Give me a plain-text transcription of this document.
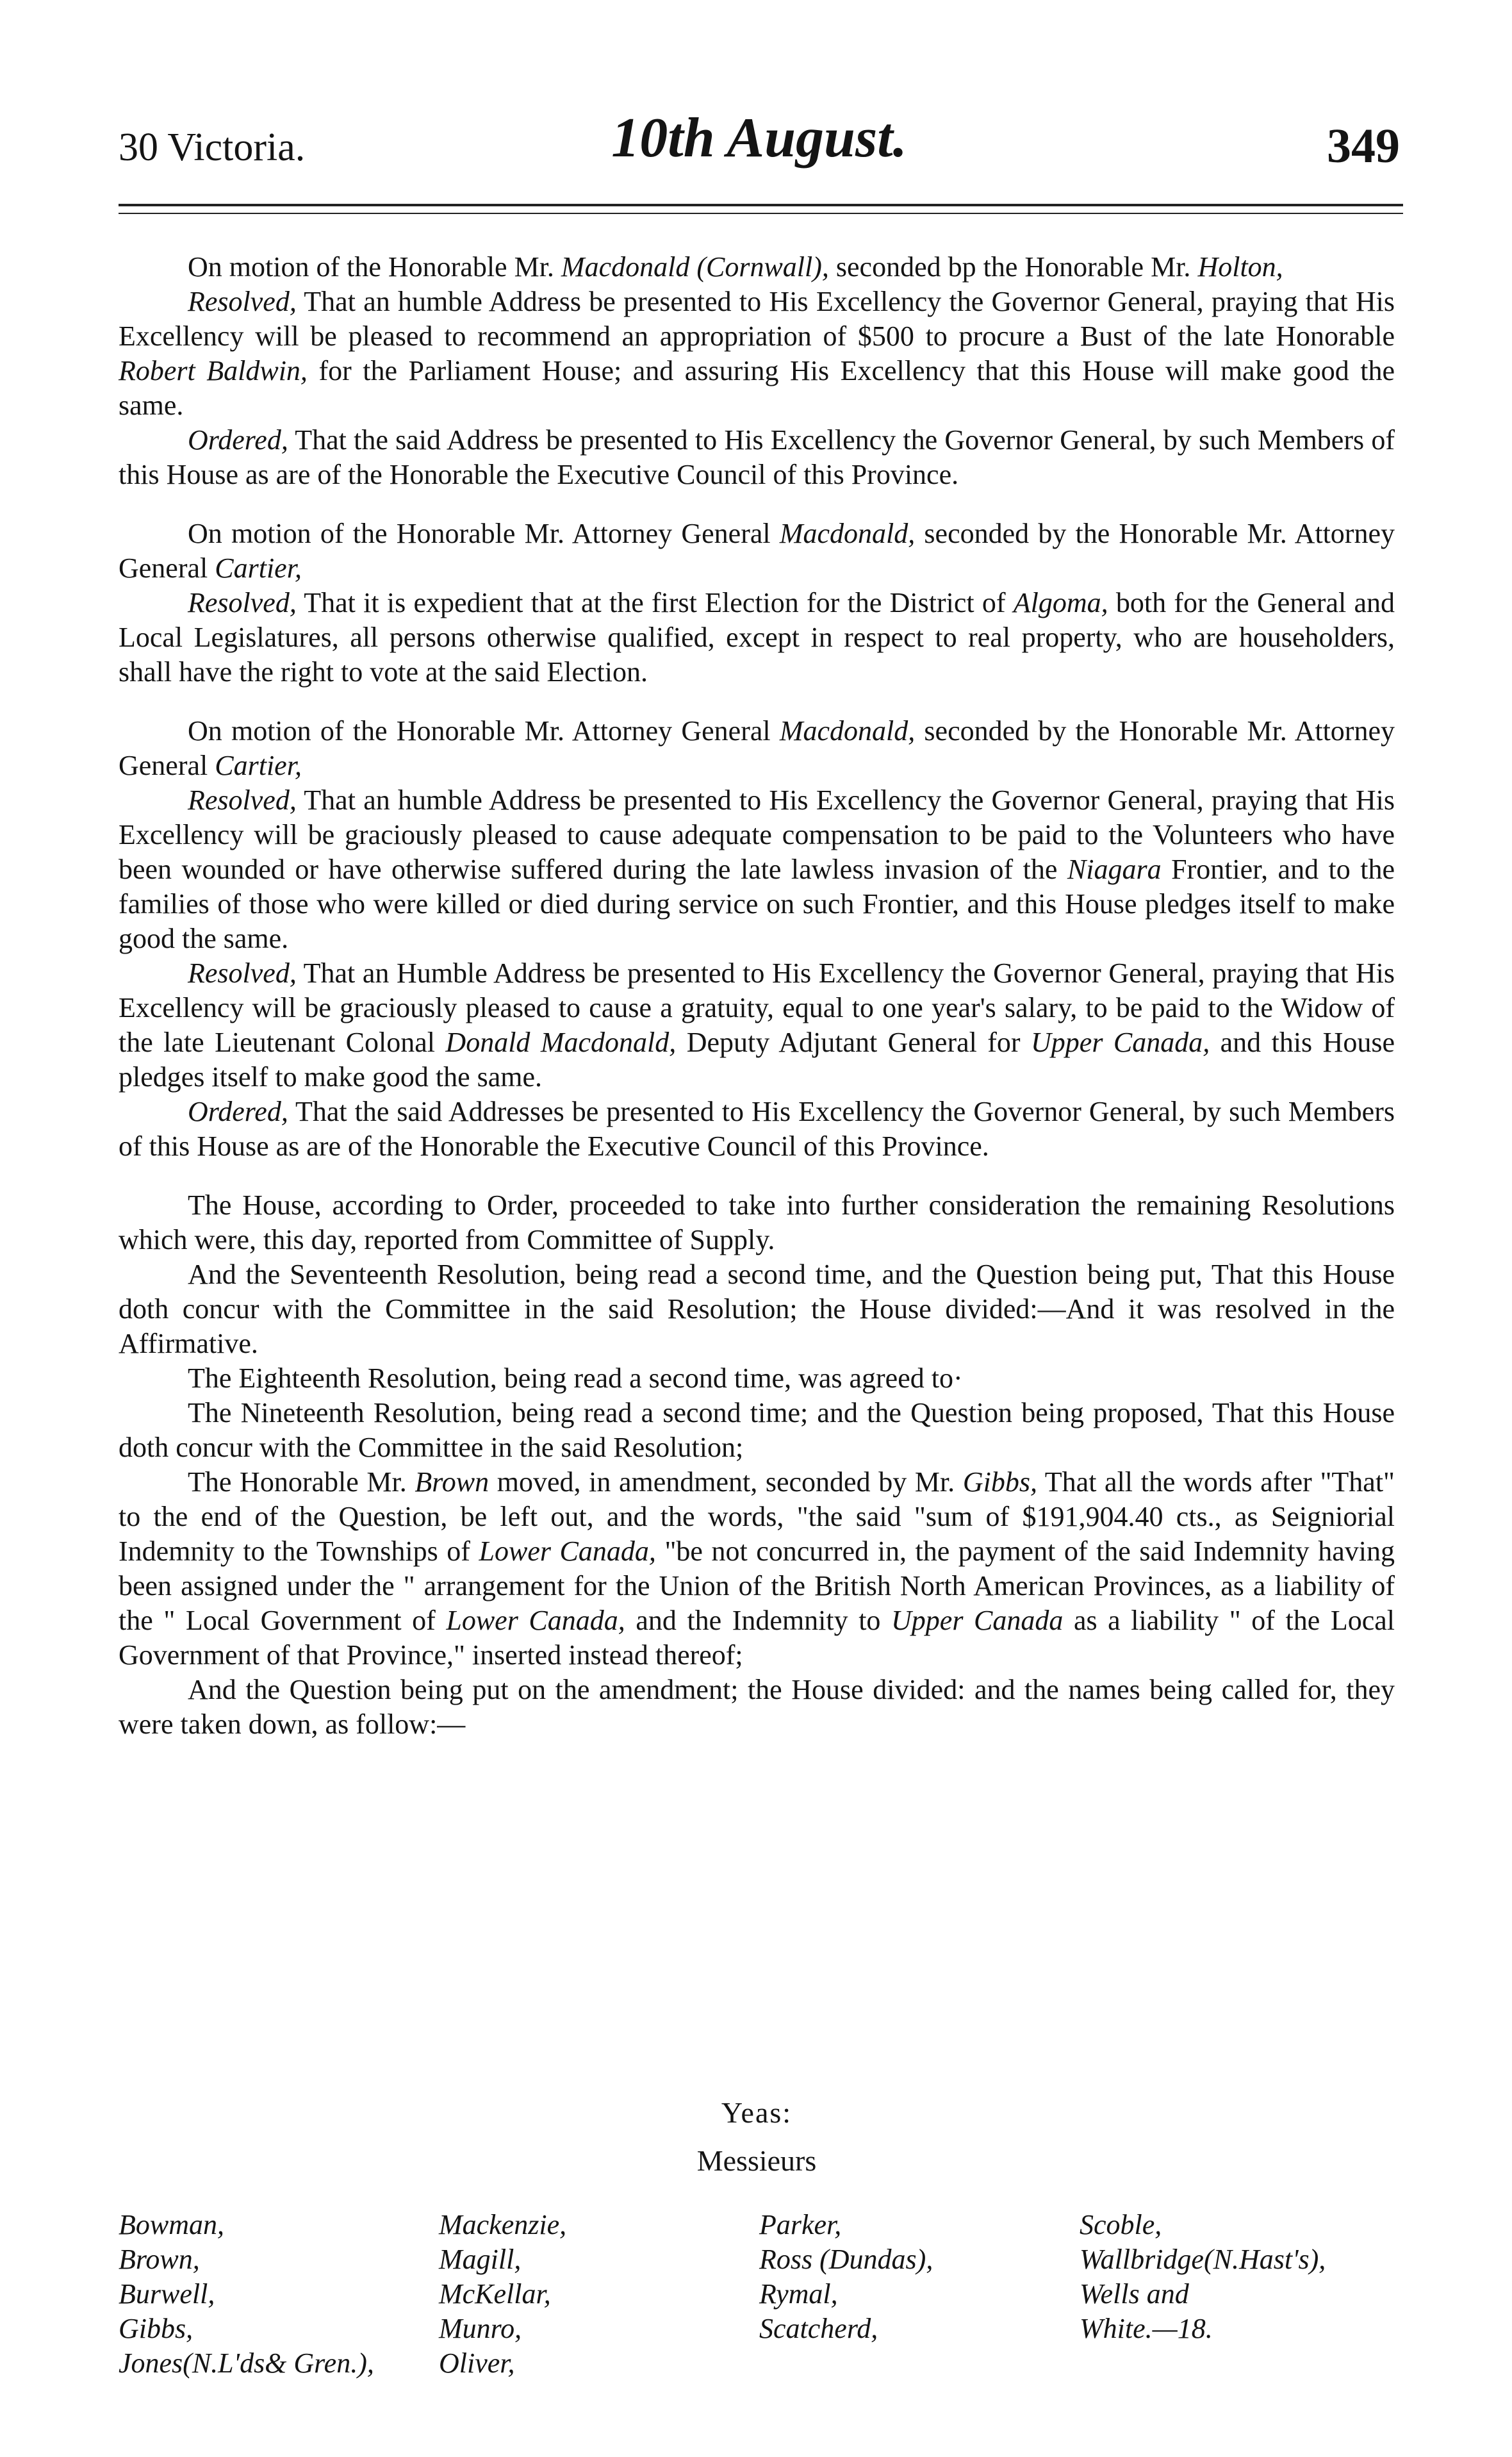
30 Victoria.	10th August.	349

On motion of the Honorable Mr. Macdonald (Cornwall), seconded bp the Honorable Mr. Holton,

Resolved, That an humble Address be presented to His Excellency the Governor General, praying that His Excellency will be pleased to recommend an appropriation of $500 to procure a Bust of the late Honorable Robert Baldwin, for the Parliament House; and assuring His Excellency that this House will make good the same.

Ordered, That the said Address be presented to His Excellency the Governor General, by such Members of this House as are of the Honorable the Executive Council of this Province.

On motion of the Honorable Mr. Attorney General Macdonald, seconded by the Honorable Mr. Attorney General Cartier,

Resolved, That it is expedient that at the first Election for the District of Algoma, both for the General and Local Legislatures, all persons otherwise qualified, except in respect to real property, who are householders, shall have the right to vote at the said Election.

On motion of the Honorable Mr. Attorney General Macdonald, seconded by the Honorable Mr. Attorney General Cartier,

Resolved, That an humble Address be presented to His Excellency the Governor General, praying that His Excellency will be graciously pleased to cause adequate compensation to be paid to the Volunteers who have been wounded or have otherwise suffered during the late lawless invasion of the Niagara Frontier, and to the families of those who were killed or died during service on such Frontier, and this House pledges itself to make good the same.

Resolved, That an Humble Address be presented to His Excellency the Governor General, praying that His Excellency will be graciously pleased to cause a gratuity, equal to one year's salary, to be paid to the Widow of the late Lieutenant Colonal Donald Macdonald, Deputy Adjutant General for Upper Canada, and this House pledges itself to make good the same.

Ordered, That the said Addresses be presented to His Excellency the Governor General, by such Members of this House as are of the Honorable the Executive Council of this Province.

The House, according to Order, proceeded to take into further consideration the remaining Resolutions which were, this day, reported from Committee of Supply.

And the Seventeenth Resolution, being read a second time, and the Question being put, That this House doth concur with the Committee in the said Resolution; the House divided:—And it was resolved in the Affirmative.

The Eighteenth Resolution, being read a second time, was agreed to·

The Nineteenth Resolution, being read a second time; and the Question being proposed, That this House doth concur with the Committee in the said Resolution;

The Honorable Mr. Brown moved, in amendment, seconded by Mr. Gibbs, That all the words after "That" to the end of the Question, be left out, and the words, "the said "sum of $191,904.40 cts., as Seigniorial Indemnity to the Townships of Lower Canada, "be not concurred in, the payment of the said Indemnity having been assigned under the " arrangement for the Union of the British North American Provinces, as a liability of the " Local Government of Lower Canada, and the Indemnity to Upper Canada as a liability " of the Local Government of that Province," inserted instead thereof;

And the Question being put on the amendment; the House divided: and the names being called for, they were taken down, as follow:—

Yeas:
Messieurs
Bowman,
Brown,
Burwell,
Gibbs,
Jones(N.L'ds& Gren.),
Mackenzie,
Magill,
McKellar,
Munro,
Oliver,
Parker,
Ross (Dundas),
Rymal,
Scatcherd,
Scoble,
Wallbridge(N.Hast's),
Wells and
White.—18.
